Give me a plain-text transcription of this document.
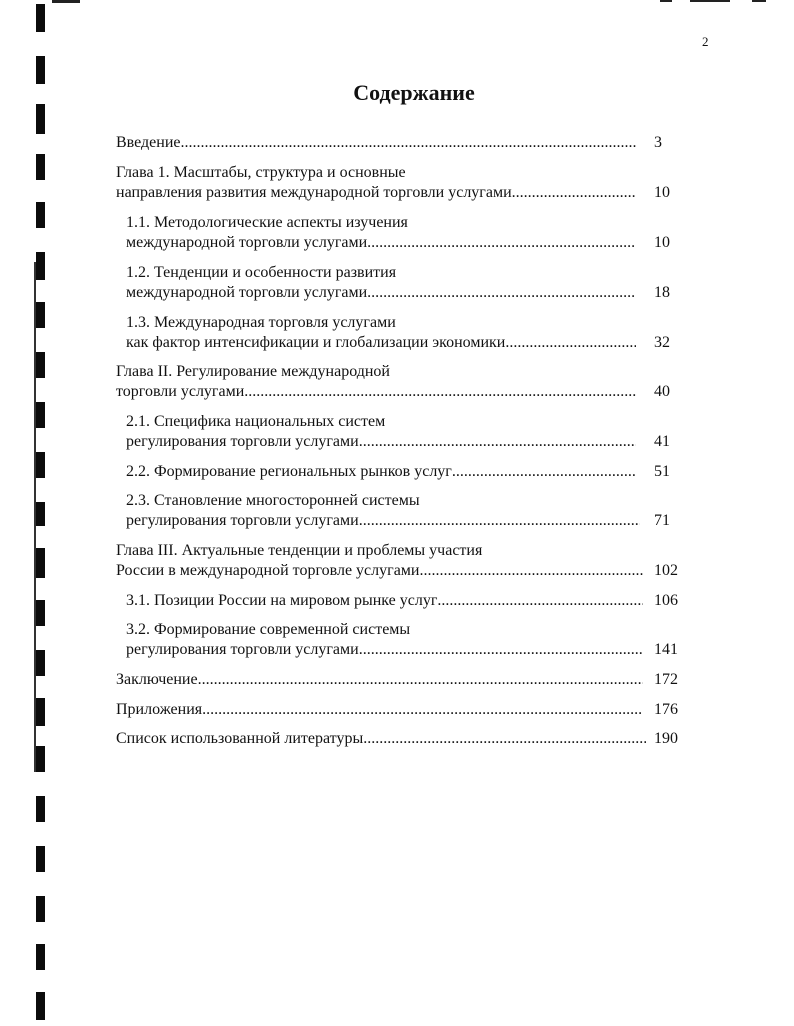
2
Содержание
Введение .....	3
Глава 1. Масштабы, структура и основные
направления развития международной торговли услугами .....	10
1.1. Методологические аспекты изучения
международной торговли услугами .....	10
1.2. Тенденции и особенности развития
международной торговли услугами .....	18
1.3. Международная торговля услугами
как фактор интенсификации и глобализации экономики .....	32
Глава II. Регулирование международной
торговли услугами .....	40
2.1. Специфика национальных систем
регулирования торговли услугами .....	41
2.2. Формирование региональных рынков услуг .....	51
2.3. Становление многосторонней системы
регулирования торговли услугами .....	71
Глава III. Актуальные тенденции и проблемы участия
России в международной торговле услугами .....	102
3.1. Позиции России на мировом рынке услуг .....	106
3.2. Формирование современной системы
регулирования торговли услугами .....	141
Заключение .....	172
Приложения .....	176
Список использованной литературы .....	190
